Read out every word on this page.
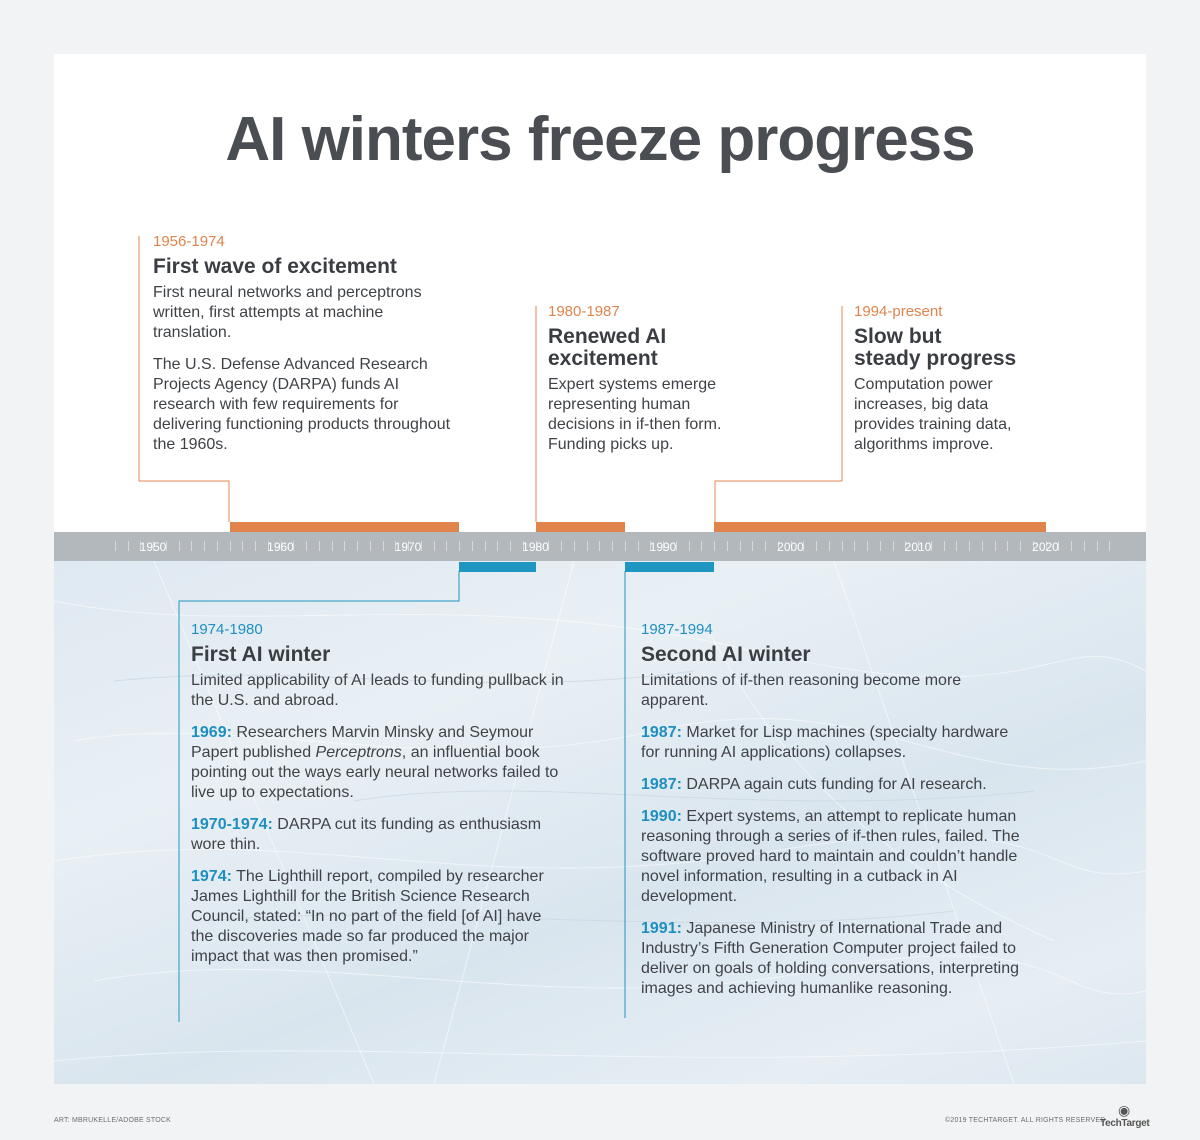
AI winters freeze progress
1950	1960	1970	1980	1990	2000	2010	2020
1956-1974
First wave of excitement
First neural networks and perceptrons written, first attempts at machine translation.
The U.S. Defense Advanced Research Projects Agency (DARPA) funds AI research with few requirements for delivering functioning products throughout the 1960s.
1980-1987
Renewed AI
excitement
Expert systems emerge representing human decisions in if-then form. Funding picks up.
1994-present
Slow but
steady progress
Computation power increases, big data provides training data, algorithms improve.
1974-1980
First AI winter
Limited applicability of AI leads to funding pullback in the U.S. and abroad.
1969: Researchers Marvin Minsky and Seymour Papert published Perceptrons, an influential book pointing out the ways early neural networks failed to live up to expectations.
1970-1974: DARPA cut its funding as enthusiasm wore thin.
1974: The Lighthill report, compiled by researcher James Lighthill for the British Science Research Council, stated: “In no part of the field [of AI] have the discoveries made so far produced the major impact that was then promised.”
1987-1994
Second AI winter
Limitations of if-then reasoning become more apparent.
1987: Market for Lisp machines (specialty hardware for running AI applications) collapses.
1987: DARPA again cuts funding for AI research.
1990: Expert systems, an attempt to replicate human reasoning through a series of if-then rules, failed. The software proved hard to maintain and couldn’t handle novel information, resulting in a cutback in AI development.
1991: Japanese Ministry of International Trade and Industry’s Fifth Generation Computer project failed to deliver on goals of holding conversations, interpreting images and achieving humanlike reasoning.
ART: MBRUKELLE/ADOBE STOCK	©2019 TECHTARGET. ALL RIGHTS RESERVED
◉
TechTarget
